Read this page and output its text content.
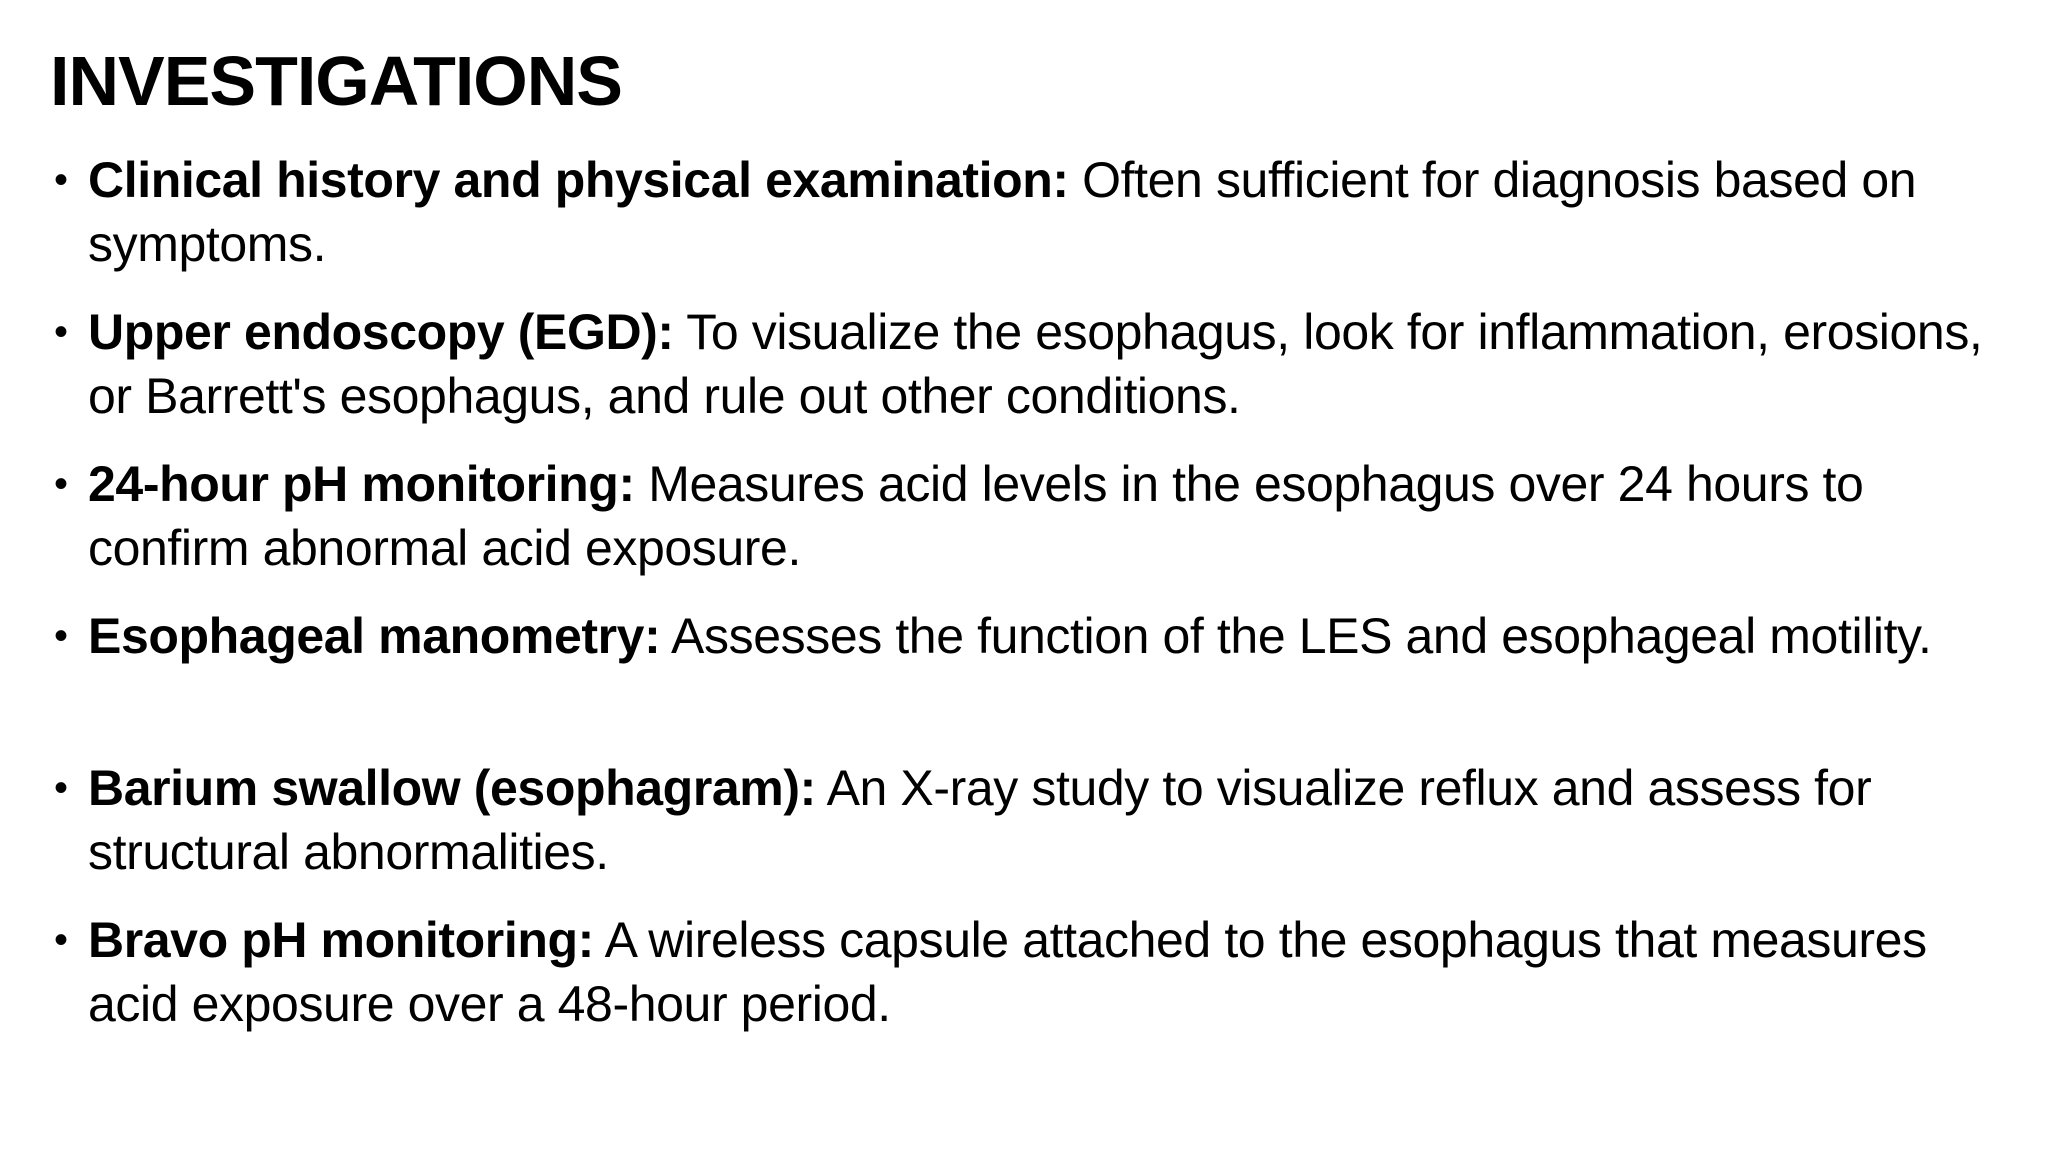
INVESTIGATIONS
• Clinical history and physical examination: Often sufficient for diagnosis based on symptoms.
• Upper endoscopy (EGD): To visualize the esophagus, look for inflammation, erosions, or Barrett's esophagus, and rule out other conditions.
• 24-hour pH monitoring: Measures acid levels in the esophagus over 24 hours to confirm abnormal acid exposure.
• Esophageal manometry: Assesses the function of the LES and esophageal motility.
• Barium swallow (esophagram): An X-ray study to visualize reflux and assess for structural abnormalities.
• Bravo pH monitoring: A wireless capsule attached to the esophagus that measures acid exposure over a 48-hour period.
